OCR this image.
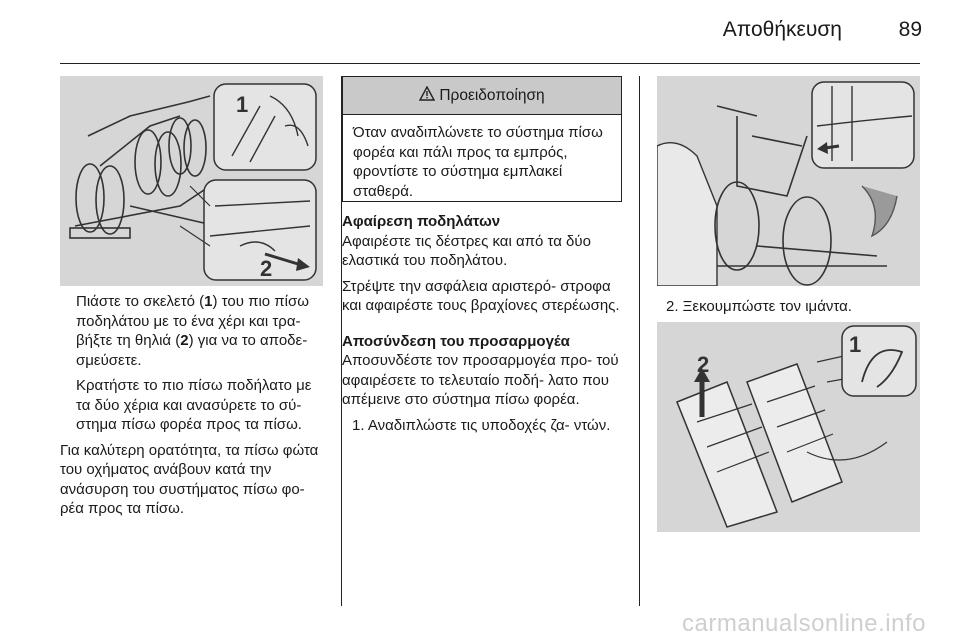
Αποθήκευση	89
1
2

Πιάστε το σκελετό (1) του πιο πίσω ποδηλάτου με το ένα χέρι και τρα- βήξτε τη θηλιά (2) για να το αποδε- σμεύσετε.

Κρατήστε το πιο πίσω ποδήλατο με τα δύο χέρια και ανασύρετε το σύ- στημα πίσω φορέα προς τα πίσω.

Για καλύτερη ορατότητα, τα πίσω φώτα του οχήματος ανάβουν κατά την ανάσυρση του συστήματος πίσω φο- ρέα προς τα πίσω.

Προειδοποίηση
Όταν αναδιπλώνετε το σύστημα πίσω φορέα και πάλι προς τα εμπρός, φροντίστε το σύστημα εμπλακεί σταθερά.

Αφαίρεση ποδηλάτων

Αφαιρέστε τις δέστρες και από τα δύο ελαστικά του ποδηλάτου.

Στρέψτε την ασφάλεια αριστερό- στροφα και αφαιρέστε τους βραχίονες στερέωσης.

Αποσύνδεση του προσαρμογέα

Αποσυνδέστε τον προσαρμογέα προ- τού αφαιρέσετε το τελευταίο ποδή- λατο που απέμεινε στο σύστημα πίσω φορέα.

1. Αναδιπλώστε τις υποδοχές ζα- ντών.

2. Ξεκουμπώστε τον ιμάντα.
1
2
carmanualsonline.info
